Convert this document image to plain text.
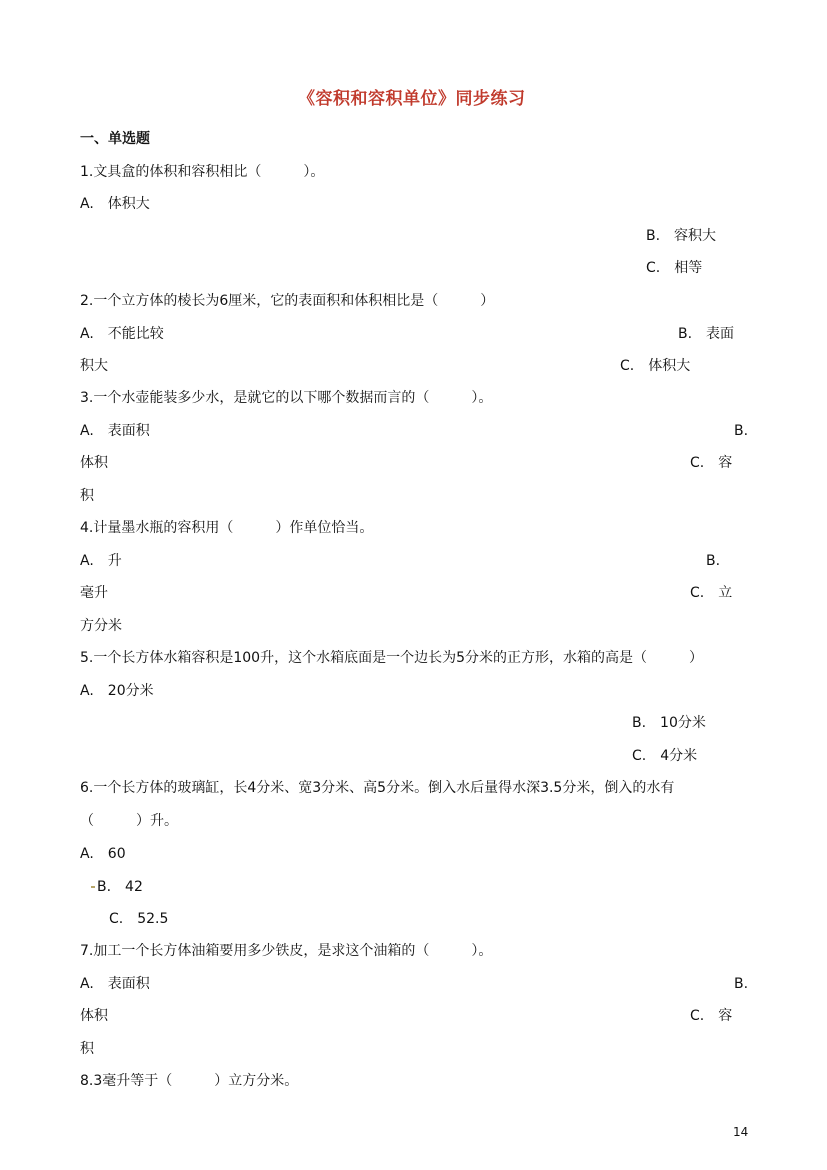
《容积和容积单位》同步练习
一、单选题
1.文具盒的体积和容积相比（　　　）。
A.　体积大
B.　容积大
C.　相等
2.一个立方体的棱长为6厘米，它的表面积和体积相比是（　　　）
A.　不能比较	B.　表面
积大	C.　体积大
3.一个水壶能装多少水，是就它的以下哪个数据而言的（　　　）。
A.　表面积	B.
体积	C.　容
积
4.计量墨水瓶的容积用（　　　）作单位恰当。
A.　升	B.
毫升	C.　立
方分米
5.一个长方体水箱容积是100升，这个水箱底面是一个边长为5分米的正方形，水箱的高是（　　　）
A.　20分米
B.　10分米
C.　4分米
6.一个长方体的玻璃缸，长4分米、宽3分米、高5分米。倒入水后量得水深3.5分米，倒入的水有
（　　　）升。
A.　60
B.　42
C.　52.5
7.加工一个长方体油箱要用多少铁皮，是求这个油箱的（　　　）。
A.　表面积	B.
体积	C.　容
积
8.3毫升等于（　　　）立方分米。
14
